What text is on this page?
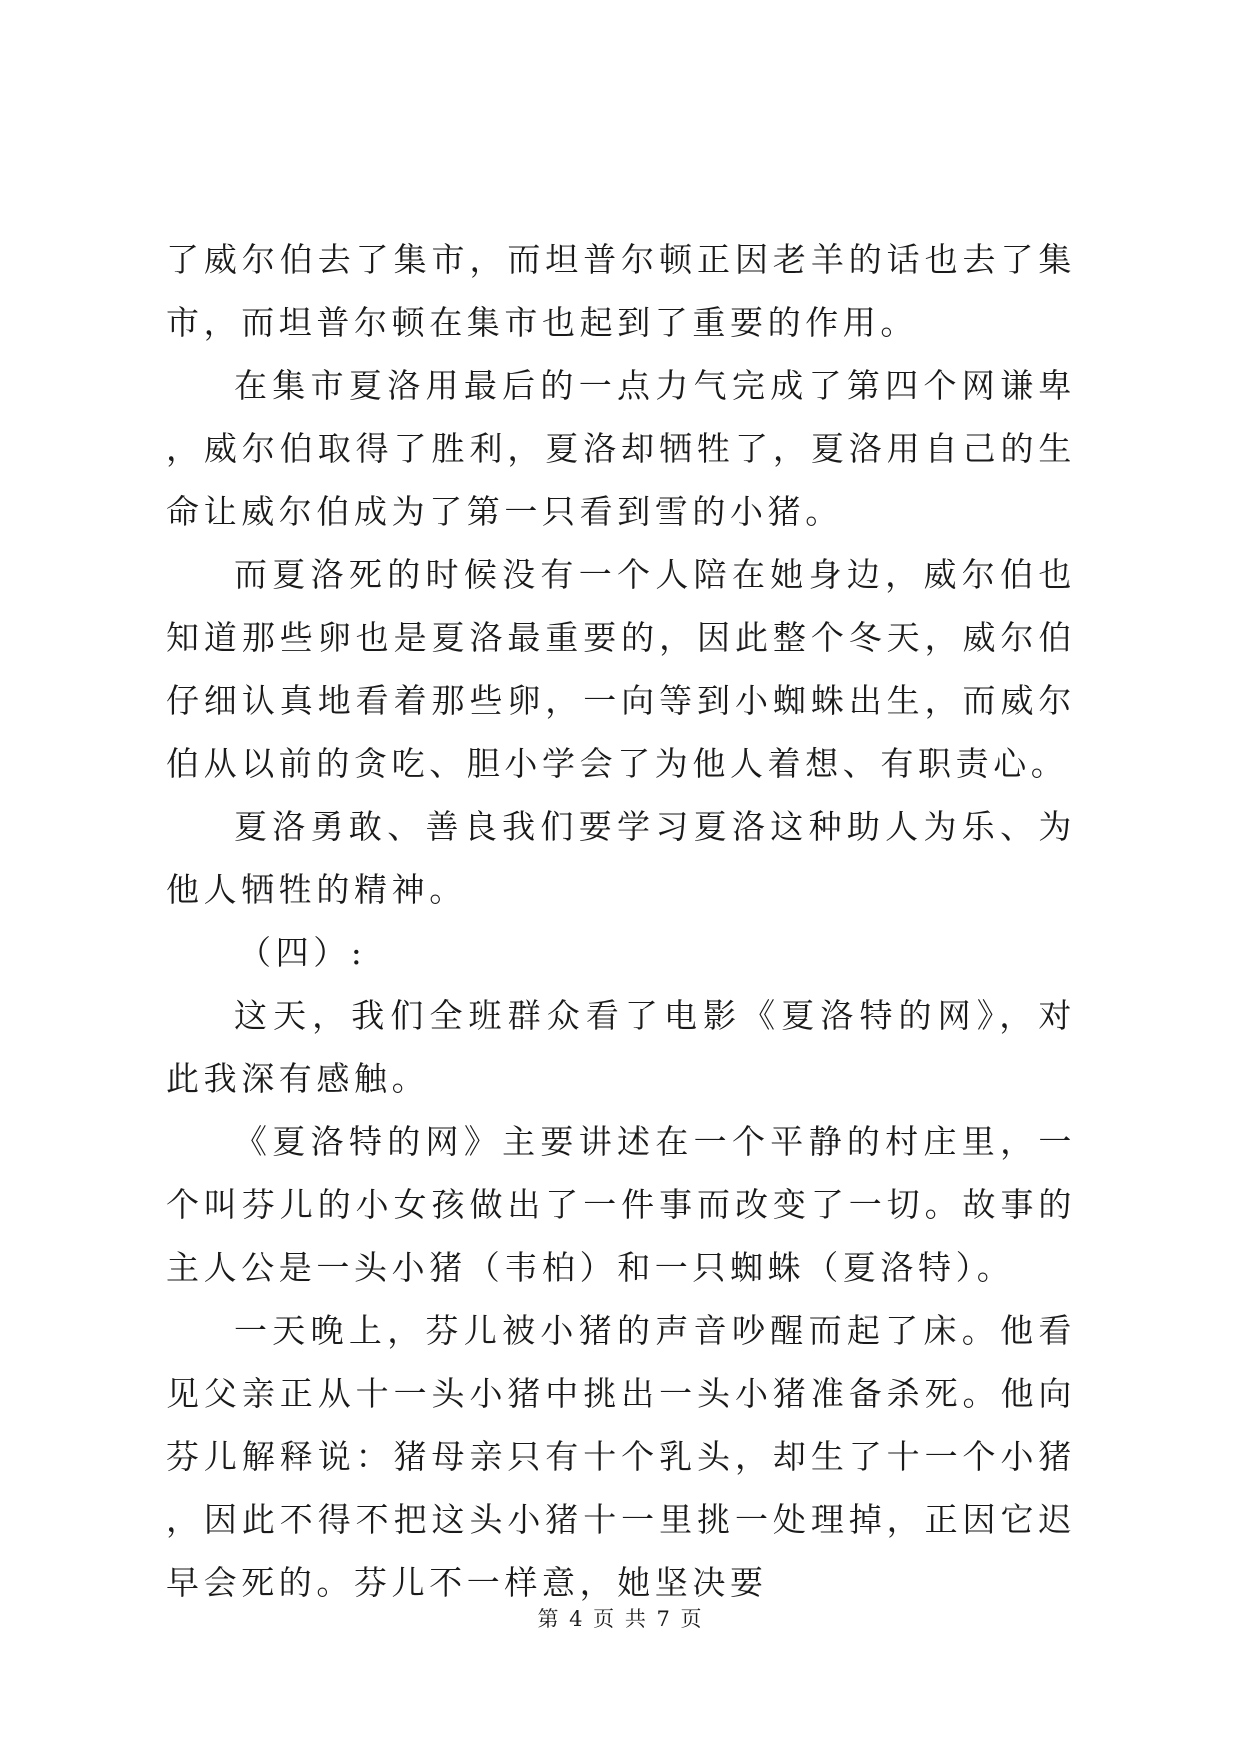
了威尔伯去了集市，而坦普尔顿正因老羊的话也去了集市，而坦普尔顿在集市也起到了重要的作用。

在集市夏洛用最后的一点力气完成了第四个网谦卑，威尔伯取得了胜利，夏洛却牺牲了，夏洛用自己的生命让威尔伯成为了第一只看到雪的小猪。

而夏洛死的时候没有一个人陪在她身边，威尔伯也知道那些卵也是夏洛最重要的，因此整个冬天，威尔伯仔细认真地看着那些卵，一向等到小蜘蛛出生，而威尔伯从以前的贪吃、胆小学会了为他人着想、有职责心。

夏洛勇敢、善良我们要学习夏洛这种助人为乐、为他人牺牲的精神。

（四）:

这天，我们全班群众看了电影《夏洛特的网》，对此我深有感触。

《夏洛特的网》主要讲述在一个平静的村庄里，一个叫芬儿的小女孩做出了一件事而改变了一切。故事的主人公是一头小猪（韦柏）和一只蜘蛛（夏洛特）。

一天晚上，芬儿被小猪的声音吵醒而起了床。他看见父亲正从十一头小猪中挑出一头小猪准备杀死。他向芬儿解释说：猪母亲只有十个乳头，却生了十一个小猪，因此不得不把这头小猪十一里挑一处理掉，正因它迟早会死的。芬儿不一样意，她坚决要

第 4 页 共 7 页
